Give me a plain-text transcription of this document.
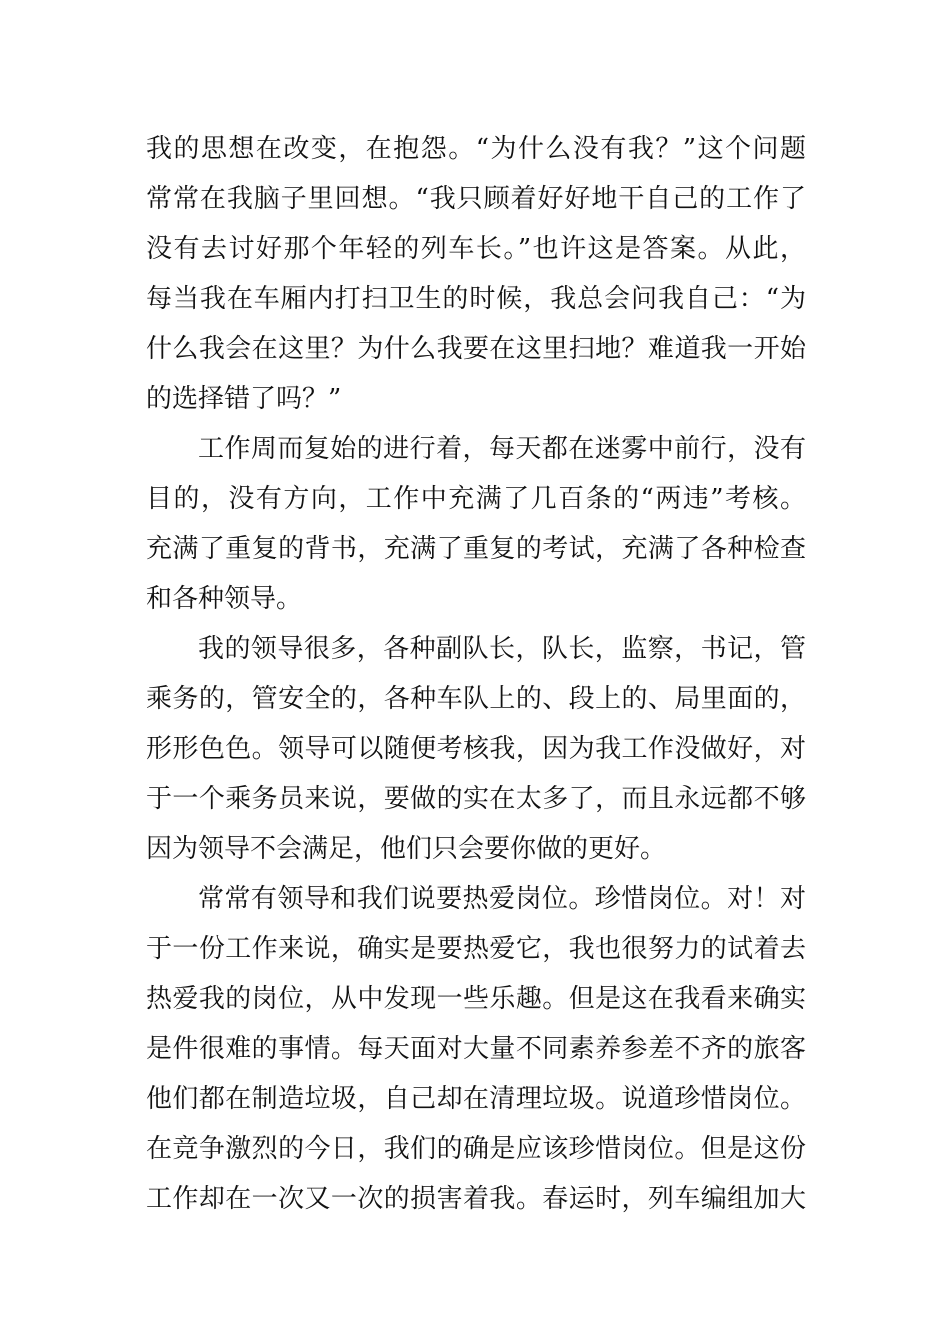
我的思想在改变，在抱怨。“为什么没有我？”这个问题
常常在我脑子里回想。“我只顾着好好地干自己的工作了
没有去讨好那个年轻的列车长。”也许这是答案。从此，
每当我在车厢内打扫卫生的时候，我总会问我自己：“为
什么我会在这里？为什么我要在这里扫地？难道我一开始
的选择错了吗？”
工作周而复始的进行着，每天都在迷雾中前行，没有
目的，没有方向，工作中充满了几百条的“两违”考核。
充满了重复的背书，充满了重复的考试，充满了各种检查
和各种领导。
我的领导很多，各种副队长，队长，监察，书记，管
乘务的，管安全的，各种车队上的、段上的、局里面的，
形形色色。领导可以随便考核我，因为我工作没做好，对
于一个乘务员来说，要做的实在太多了，而且永远都不够
因为领导不会满足，他们只会要你做的更好。
常常有领导和我们说要热爱岗位。珍惜岗位。对！对
于一份工作来说，确实是要热爱它，我也很努力的试着去
热爱我的岗位，从中发现一些乐趣。但是这在我看来确实
是件很难的事情。每天面对大量不同素养参差不齐的旅客
他们都在制造垃圾，自己却在清理垃圾。说道珍惜岗位。
在竞争激烈的今日，我们的确是应该珍惜岗位。但是这份
工作却在一次又一次的损害着我。春运时，列车编组加大
